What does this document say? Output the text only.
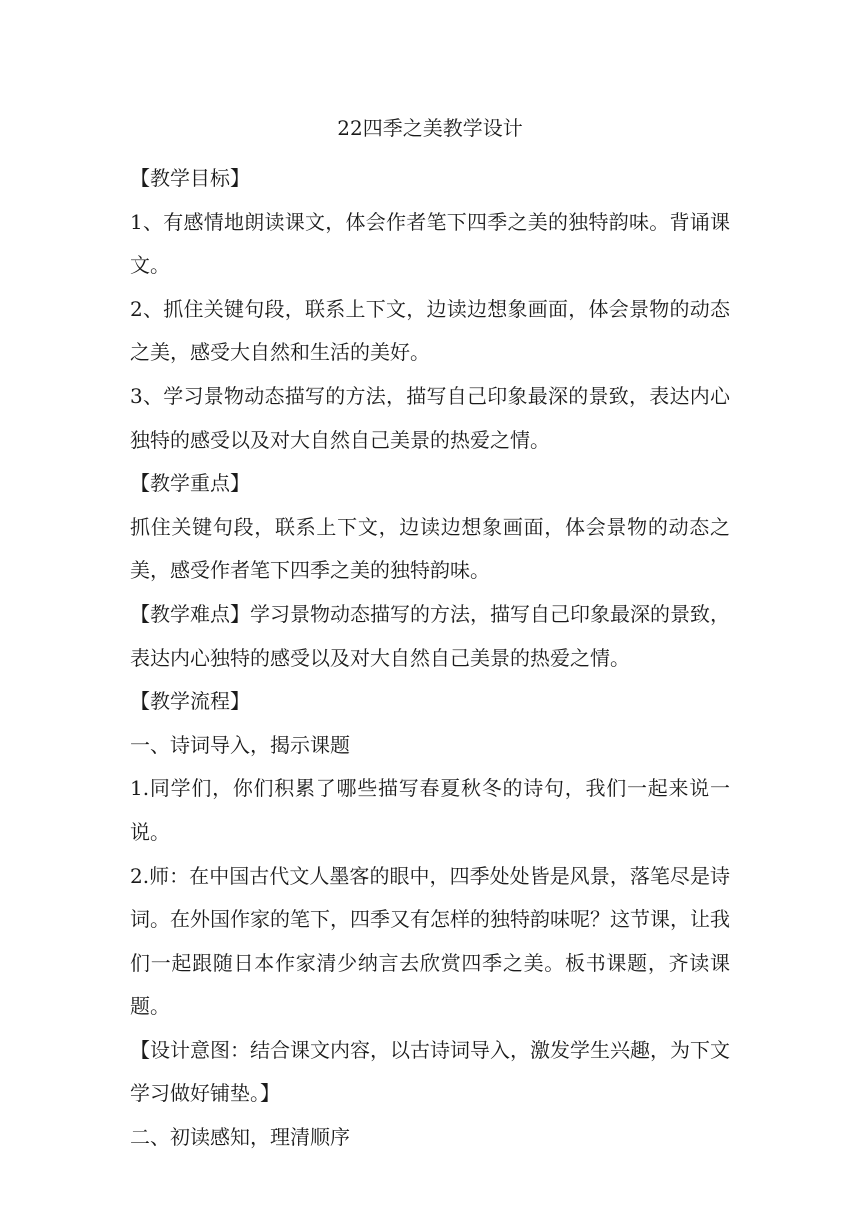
22四季之美教学设计

【教学目标】

1、有感情地朗读课文，体会作者笔下四季之美的独特韵味。背诵课文。

2、抓住关键句段，联系上下文，边读边想象画面，体会景物的动态之美，感受大自然和生活的美好。

3、学习景物动态描写的方法，描写自己印象最深的景致，表达内心独特的感受以及对大自然自己美景的热爱之情。

【教学重点】

抓住关键句段，联系上下文，边读边想象画面，体会景物的动态之美，感受作者笔下四季之美的独特韵味。

【教学难点】学习景物动态描写的方法，描写自己印象最深的景致，表达内心独特的感受以及对大自然自己美景的热爱之情。

【教学流程】

一、诗词导入，揭示课题

1.同学们，你们积累了哪些描写春夏秋冬的诗句，我们一起来说一说。

2.师：在中国古代文人墨客的眼中，四季处处皆是风景，落笔尽是诗词。在外国作家的笔下，四季又有怎样的独特韵味呢？这节课，让我们一起跟随日本作家清少纳言去欣赏四季之美。板书课题，齐读课题。

【设计意图：结合课文内容，以古诗词导入，激发学生兴趣，为下文学习做好铺垫。】

二、初读感知，理清顺序
